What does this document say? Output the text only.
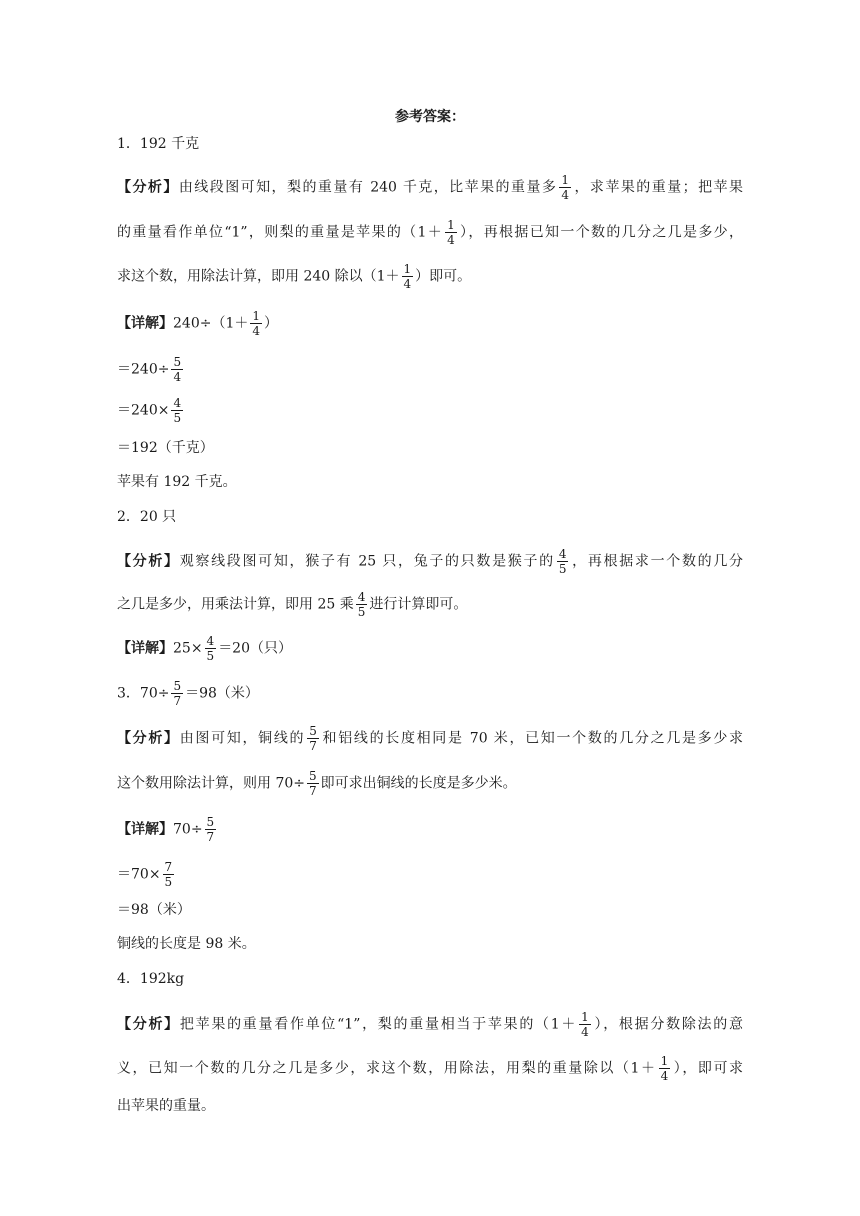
参考答案：
1．192 千克
【分析】由线段图可知，梨的重量有 240 千克，比苹果的重量多 $\frac{1}{4}$ ，求苹果的重量；把苹果
的重量看作单位“1”，则梨的重量是苹果的（$1+ \frac{1}{4}$ ），再根据已知一个数的几分之几是多少，
求这个数，用除法计算，即用 240 除以（$1+ \frac{1}{4}$ ）即可。
【详解】$240\div(1+ \frac{1}{4}$ ）
$=240\div \frac{5}{4}$
$=240\times \frac{4}{5}$
＝192（千克）
苹果有 192 千克。
2．20 只
【分析】观察线段图可知，猴子有 25 只，兔子的只数是猴子的 $\frac{4}{5}$ ，再根据求一个数的几分
之几是多少，用乘法计算，即用 25 乘 $\frac{4}{5}$ 进行计算即可。
【详解】$25\times \frac{4}{5} =20$（只）
3．$70\div \frac{5}{7} =98$（米）
【分析】由图可知，铜线的 $\frac{5}{7}$ 和铝线的长度相同是 70 米，已知一个数的几分之几是多少求
这个数用除法计算，则用 $70\div \frac{5}{7}$ 即可求出铜线的长度是多少米。
【详解】$70\div \frac{5}{7}$
$=70\times \frac{7}{5}$
＝98（米）
铜线的长度是 98 米。
4．192kg
【分析】把苹果的重量看作单位“1”，梨的重量相当于苹果的（$1+ \frac{1}{4}$ ），根据分数除法的意
义，已知一个数的几分之几是多少，求这个数，用除法，用梨的重量除以（$1+ \frac{1}{4}$ ），即可求
出苹果的重量。
